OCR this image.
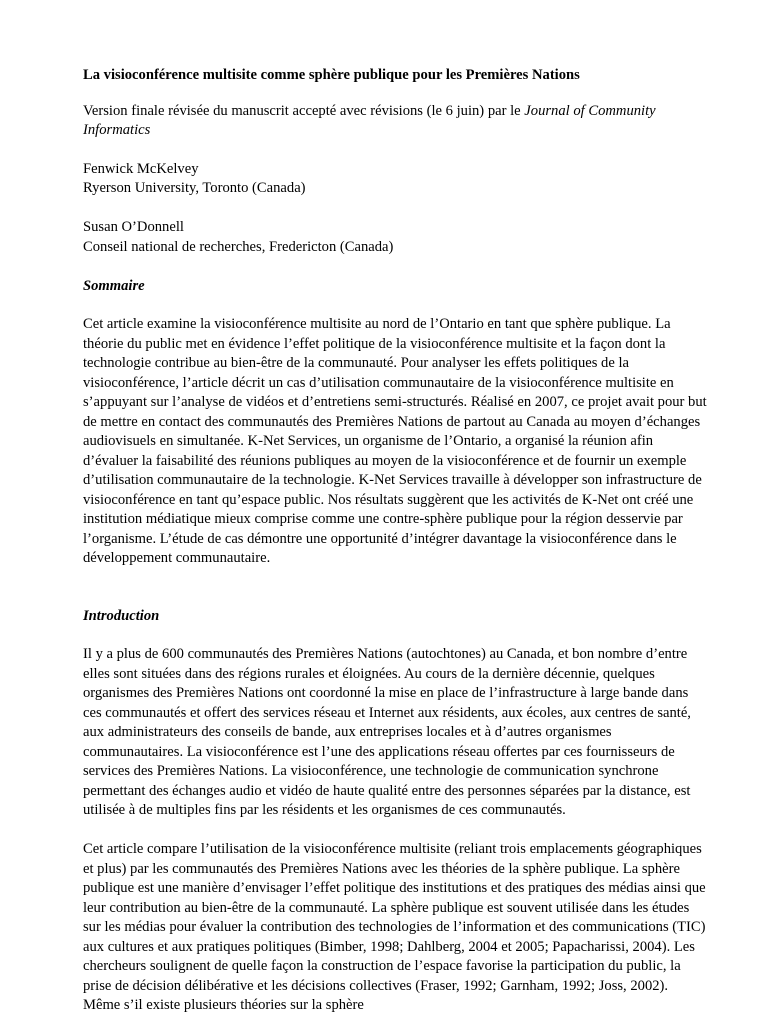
La visioconférence multisite comme sphère publique pour les Premières Nations

Version finale révisée du manuscrit accepté avec révisions (le 6 juin) par le Journal of Community Informatics

Fenwick McKelvey
Ryerson University, Toronto (Canada)

Susan O’Donnell
Conseil national de recherches, Fredericton (Canada)

Sommaire

Cet article examine la visioconférence multisite au nord de l’Ontario en tant que sphère publique. La théorie du public met en évidence l’effet politique de la visioconférence multisite et la façon dont la technologie contribue au bien-être de la communauté. Pour analyser les effets politiques de la visioconférence, l’article décrit un cas d’utilisation communautaire de la visioconférence multisite en s’appuyant sur l’analyse de vidéos et d’entretiens semi-structurés. Réalisé en 2007, ce projet avait pour but de mettre en contact des communautés des Premières Nations de partout au Canada au moyen d’échanges audiovisuels en simultanée. K-Net Services, un organisme de l’Ontario, a organisé la réunion afin d’évaluer la faisabilité des réunions publiques au moyen de la visioconférence et de fournir un exemple d’utilisation communautaire de la technologie. K-Net Services travaille à développer son infrastructure de visioconférence en tant qu’espace public. Nos résultats suggèrent que les activités de K-Net ont créé une institution médiatique mieux comprise comme une contre-sphère publique pour la région desservie par l’organisme. L’étude de cas démontre une opportunité d’intégrer davantage la visioconférence dans le développement communautaire.

Introduction

Il y a plus de 600 communautés des Premières Nations (autochtones) au Canada, et bon nombre d’entre elles sont situées dans des régions rurales et éloignées. Au cours de la dernière décennie, quelques organismes des Premières Nations ont coordonné la mise en place de l’infrastructure à large bande dans ces communautés et offert des services réseau et Internet aux résidents, aux écoles, aux centres de santé, aux administrateurs des conseils de bande, aux entreprises locales et à d’autres organismes communautaires. La visioconférence est l’une des applications réseau offertes par ces fournisseurs de services des Premières Nations. La visioconférence, une technologie de communication synchrone permettant des échanges audio et vidéo de haute qualité entre des personnes séparées par la distance, est utilisée à de multiples fins par les résidents et les organismes de ces communautés.

Cet article compare l’utilisation de la visioconférence multisite (reliant trois emplacements géographiques et plus) par les communautés des Premières Nations avec les théories de la sphère publique. La sphère publique est une manière d’envisager l’effet politique des institutions et des pratiques des médias ainsi que leur contribution au bien-être de la communauté. La sphère publique est souvent utilisée dans les études sur les médias pour évaluer la contribution des technologies de l’information et des communications (TIC) aux cultures et aux pratiques politiques (Bimber, 1998; Dahlberg, 2004 et 2005; Papacharissi, 2004). Les chercheurs soulignent de quelle façon la construction de l’espace favorise la participation du public, la prise de décision délibérative et les décisions collectives (Fraser, 1992; Garnham, 1992; Joss, 2002). Même s’il existe plusieurs théories sur la sphère
